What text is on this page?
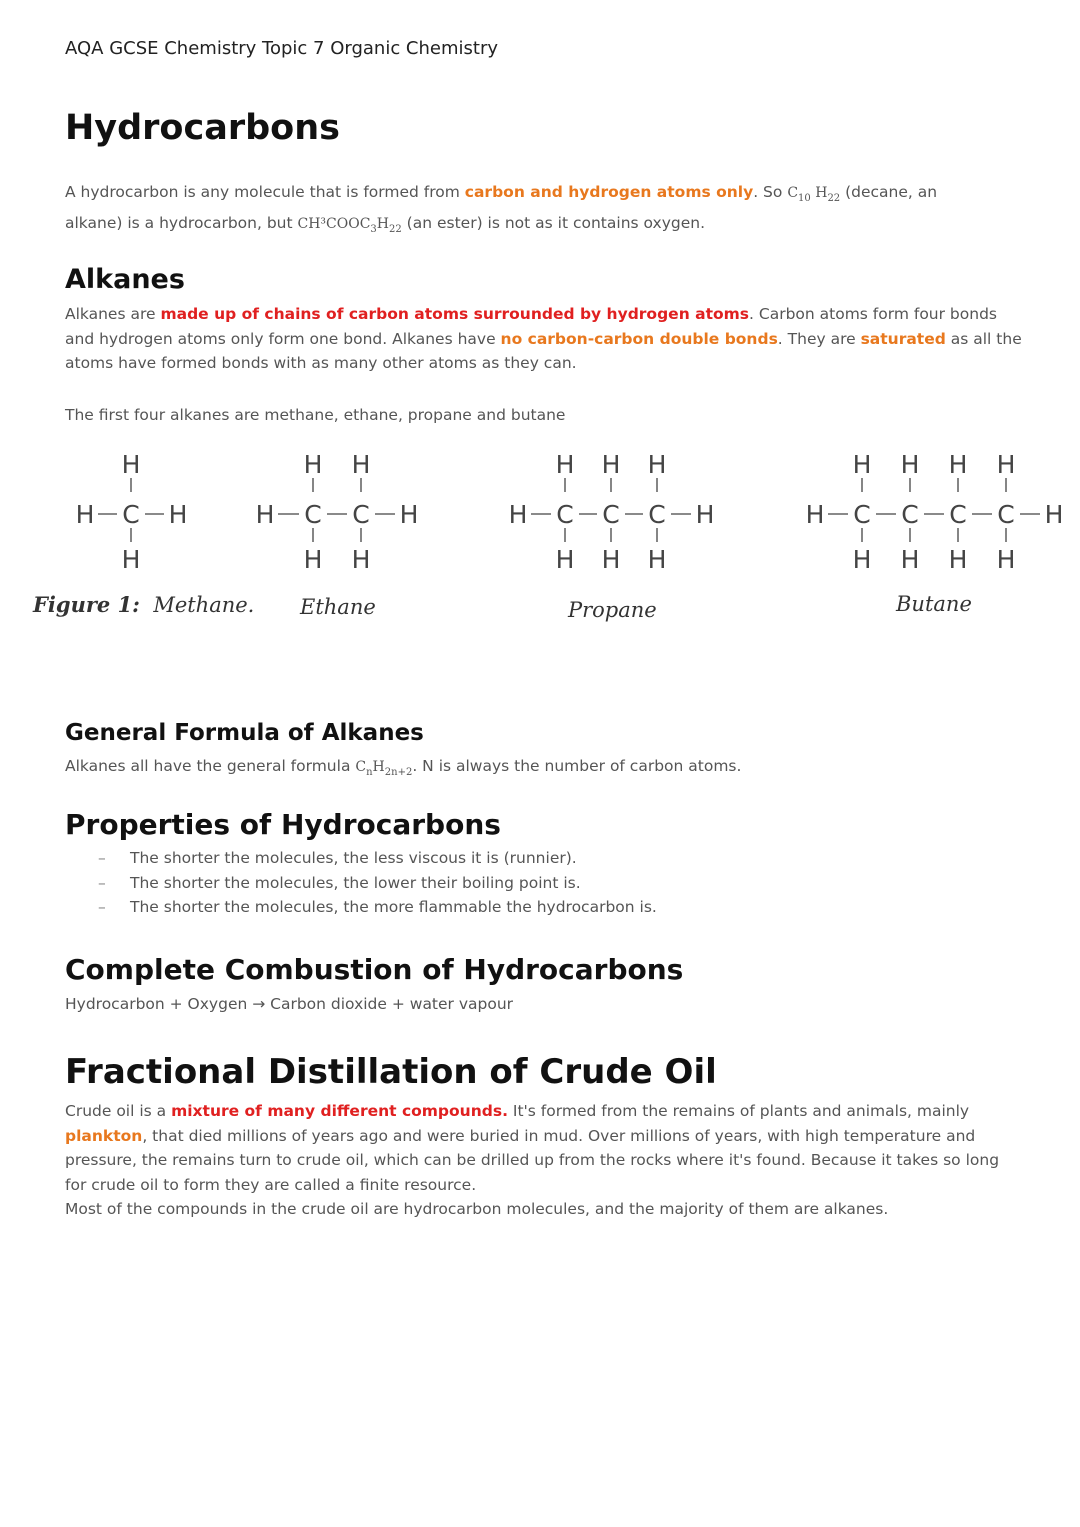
AQA GCSE Chemistry Topic 7 Organic Chemistry
Hydrocarbons
A hydrocarbon is any molecule that is formed from carbon and hydrogen atoms only. So $C_{10}$ $H_{22}$ (decane, an alkane) is a hydrocarbon, but $CH^3COOC_3H_{22}$ (an ester) is not as it contains oxygen.
Alkanes
Alkanes are made up of chains of carbon atoms surrounded by hydrogen atoms. Carbon atoms form four bonds and hydrogen atoms only form one bond. Alkanes have no carbon-carbon double bonds. They are saturated as all the atoms have formed bonds with as many other atoms as they can.
The first four alkanes are methane, ethane, propane and butane
H
H C H
H
H H
H C C H
H H
H H H
H C C C H
H H H
H H H H
H C C C C H
H H H H
Figure 1: Methane. Ethane	Propane	Butane
General Formula of Alkanes
Alkanes all have the general formula $C_nH_{2n+2}$. N is always the number of carbon atoms.
Properties of Hydrocarbons
– The shorter the molecules, the less viscous it is (runnier).
– The shorter the molecules, the lower their boiling point is.
– The shorter the molecules, the more flammable the hydrocarbon is.
Complete Combustion of Hydrocarbons
Hydrocarbon + Oxygen → Carbon dioxide + water vapour
Fractional Distillation of Crude Oil
Crude oil is a mixture of many different compounds. It's formed from the remains of plants and animals, mainly plankton, that died millions of years ago and were buried in mud. Over millions of years, with high temperature and pressure, the remains turn to crude oil, which can be drilled up from the rocks where it's found. Because it takes so long for crude oil to form they are called a finite resource.
Most of the compounds in the crude oil are hydrocarbon molecules, and the majority of them are alkanes.
